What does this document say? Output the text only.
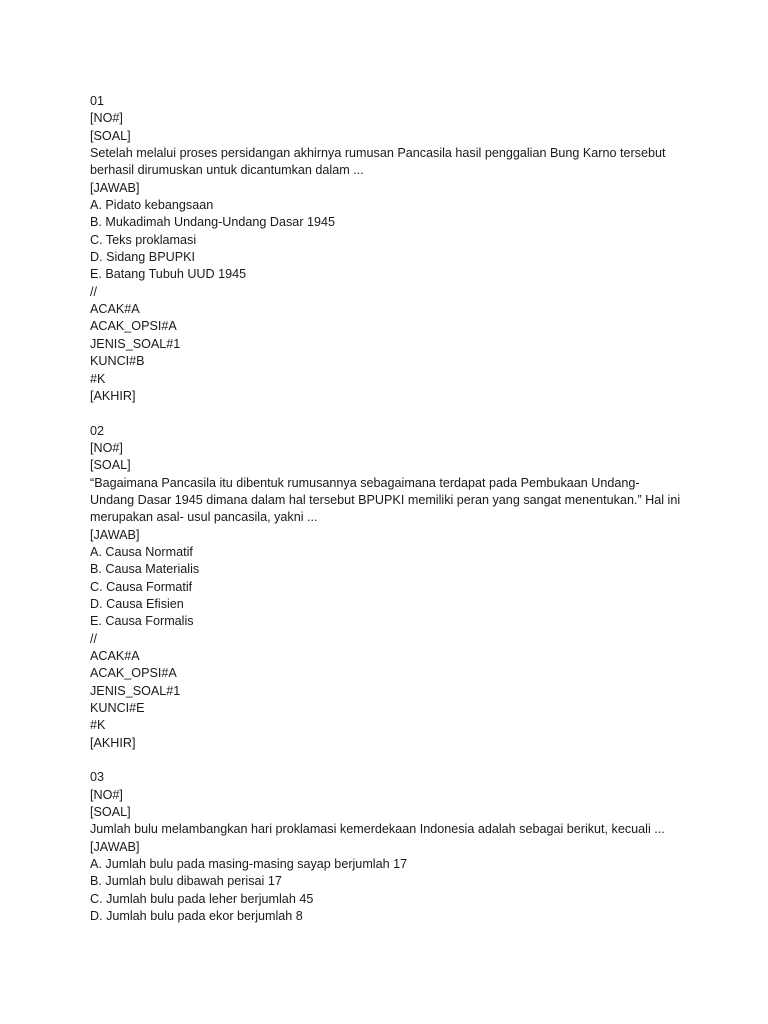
01
[NO#]
[SOAL]
Setelah melalui proses persidangan akhirnya rumusan Pancasila hasil penggalian Bung Karno tersebut
berhasil dirumuskan untuk dicantumkan dalam ...
[JAWAB]
A. Pidato kebangsaan
B. Mukadimah Undang-Undang Dasar 1945
C. Teks proklamasi
D. Sidang BPUPKI
E. Batang Tubuh UUD 1945
//
ACAK#A
ACAK_OPSI#A
JENIS_SOAL#1
KUNCI#B
#K
[AKHIR]
02
[NO#]
[SOAL]
“Bagaimana Pancasila itu dibentuk rumusannya sebagaimana terdapat pada Pembukaan Undang-
Undang Dasar 1945 dimana dalam hal tersebut BPUPKI memiliki peran yang sangat menentukan.” Hal ini
merupakan asal- usul pancasila, yakni ...
[JAWAB]
A. Causa Normatif
B. Causa Materialis
C. Causa Formatif
D. Causa Efisien
E. Causa Formalis
//
ACAK#A
ACAK_OPSI#A
JENIS_SOAL#1
KUNCI#E
#K
[AKHIR]
03
[NO#]
[SOAL]
Jumlah bulu melambangkan hari proklamasi kemerdekaan Indonesia adalah sebagai berikut, kecuali ...
[JAWAB]
A. Jumlah bulu pada masing-masing sayap berjumlah 17
B. Jumlah bulu dibawah perisai 17
C. Jumlah bulu pada leher berjumlah 45
D. Jumlah bulu pada ekor berjumlah 8
